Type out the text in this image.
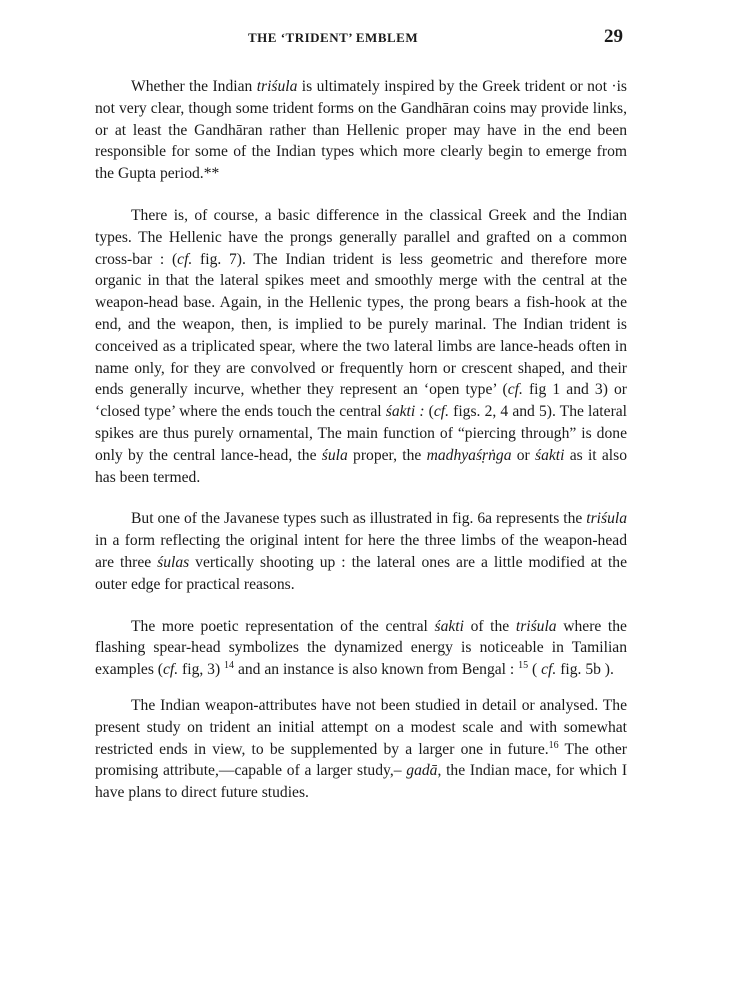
THE ‘TRIDENT’ EMBLEM	29

Whether the Indian triśula is ultimately inspired by the Greek trident or not ·is not very clear, though some trident forms on the Gandhāran coins may provide links, or at least the Gandhāran rather than Hellenic proper may have in the end been responsible for some of the Indian types which more clearly begin to emerge from the Gupta period.**

There is, of course, a basic difference in the classical Greek and the Indian types. The Hellenic have the prongs generally parallel and grafted on a common cross-bar : (cf. fig. 7). The Indian trident is less geometric and therefore more organic in that the lateral spikes meet and smoothly merge with the central at the weapon-head base. Again, in the Hellenic types, the prong bears a fish-hook at the end, and the weapon, then, is implied to be purely marinal. The Indian trident is conceived as a triplicated spear, where the two lateral limbs are lance-heads often in name only, for they are convolved or frequently horn or crescent shaped, and their ends generally incurve, whether they represent an ‘open type’ (cf. fig 1 and 3) or ‘closed type’ where the ends touch the central śakti : (cf. figs. 2, 4 and 5). The lateral spikes are thus purely ornamental, The main function of “piercing through” is done only by the central lance-head, the śula proper, the madhyaśṛṅga or śakti as it also has been termed.

But one of the Javanese types such as illustrated in fig. 6a represents the triśula in a form reflecting the original intent for here the three limbs of the weapon-head are three śulas vertically shooting up : the lateral ones are a little modified at the outer edge for practical reasons.

The more poetic representation of the central śakti of the triśula where the flashing spear-head symbolizes the dynamized energy is noticeable in Tamilian examples (cf. fig, 3) $^{14}$ and an instance is also known from Bengal : $^{15}$ ( cf. fig. 5b ).

The Indian weapon-attributes have not been studied in detail or analysed. The present study on trident an initial attempt on a modest scale and with somewhat restricted ends in view, to be supplemented by a larger one in future.$^{16}$ The other promising attribute,—capable of a larger study,– gadā, the Indian mace, for which I have plans to direct future studies.
